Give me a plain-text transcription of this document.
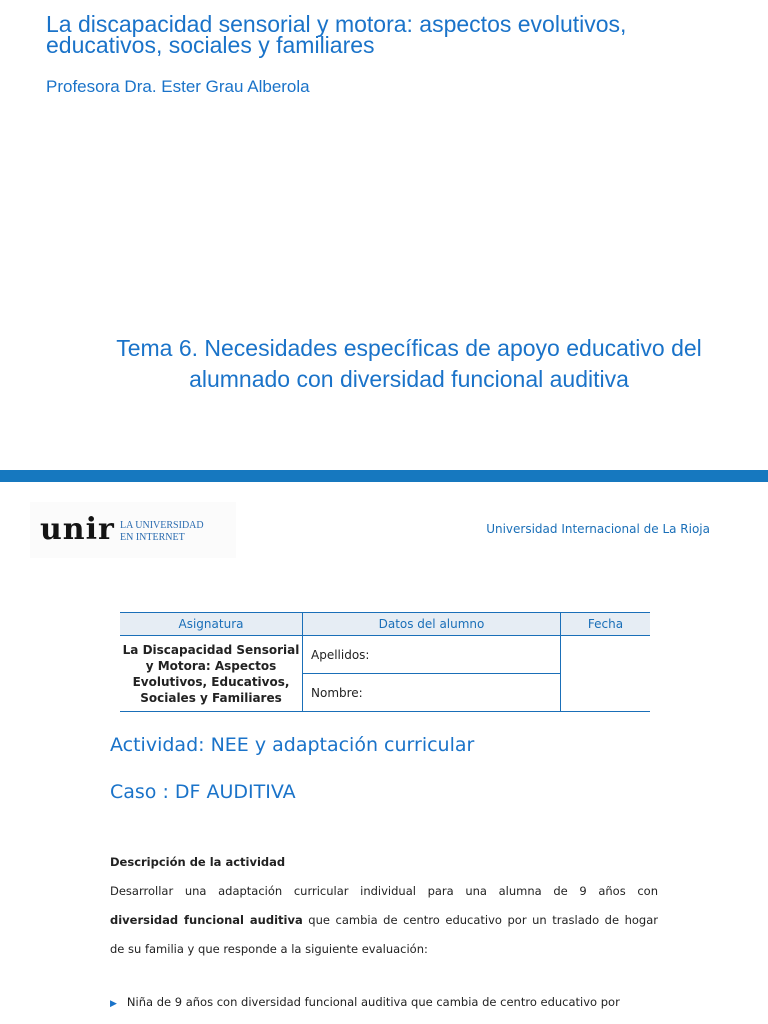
La discapacidad sensorial y motora: aspectos evolutivos,
educativos, sociales y familiares
Profesora Dra. Ester Grau Alberola
Tema 6. Necesidades específicas de apoyo educativo del
alumnado con diversidad funcional auditiva
unir LA UNIVERSIDAD
EN INTERNET
Universidad Internacional de La Rioja
Asignatura	Datos del alumno	Fecha

La Discapacidad Sensorial
y Motora: Aspectos
Evolutivos, Educativos,
Sociales y Familiares	Apellidos:	
	Nombre:	
Actividad: NEE y adaptación curricular
Caso : DF AUDITIVA
Descripción de la actividad
Desarrollar una adaptación curricular individual para una alumna de 9 años con
diversidad funcional auditiva que cambia de centro educativo por un traslado de hogar
de su familia y que responde a la siguiente evaluación:
▶ Niña de 9 años con diversidad funcional auditiva que cambia de centro educativo por
